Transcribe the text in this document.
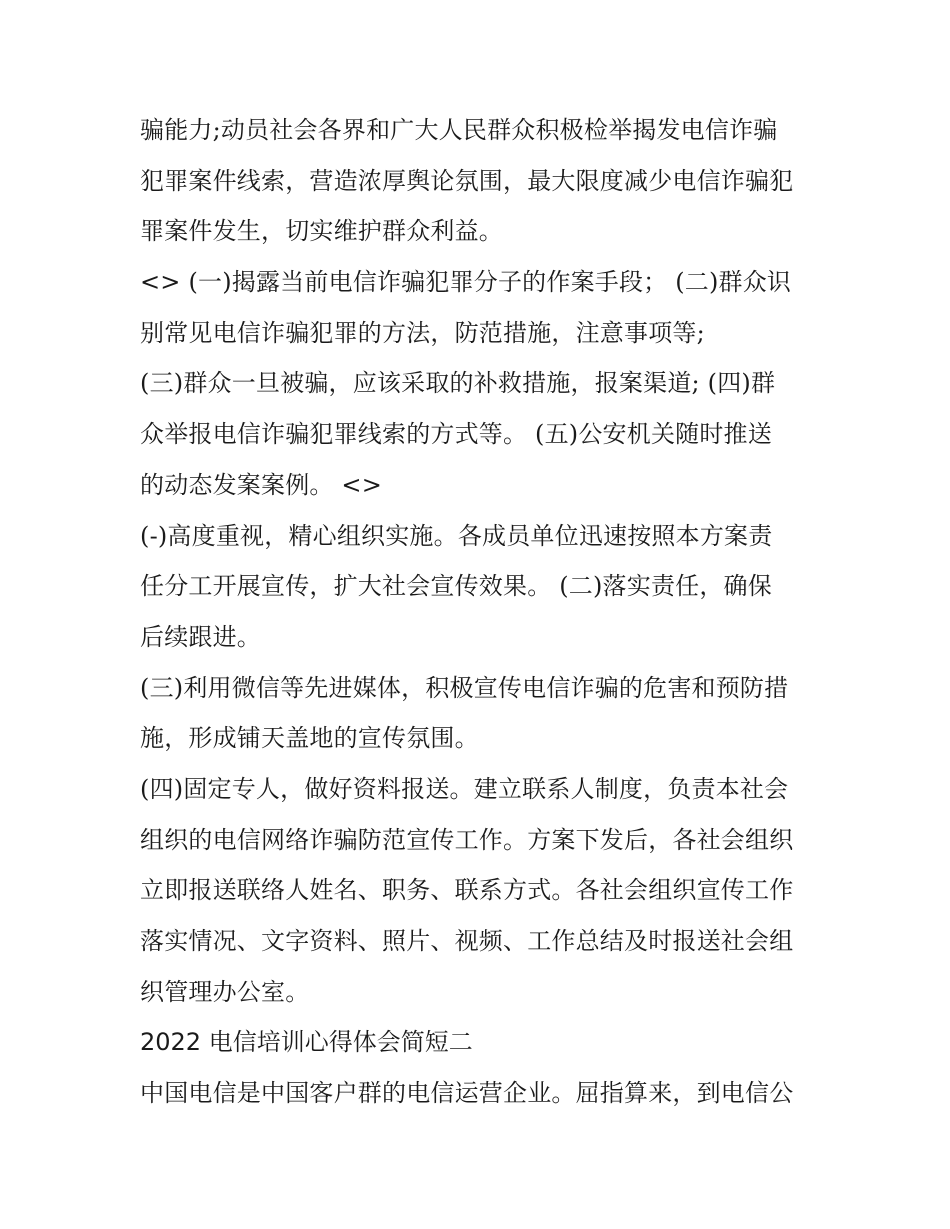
骗能力;动员社会各界和广大人民群众积极检举揭发电信诈骗
犯罪案件线索，营造浓厚舆论氛围，最大限度减少电信诈骗犯
罪案件发生，切实维护群众利益。
<> (一)揭露当前电信诈骗犯罪分子的作案手段； (二)群众识
别常见电信诈骗犯罪的方法，防范措施，注意事项等;
(三)群众一旦被骗，应该采取的补救措施，报案渠道; (四)群
众举报电信诈骗犯罪线索的方式等。 (五)公安机关随时推送
的动态发案案例。 <>
(-)高度重视，精心组织实施。各成员单位迅速按照本方案责
任分工开展宣传，扩大社会宣传效果。 (二)落实责任，确保
后续跟进。
(三)利用微信等先进媒体，积极宣传电信诈骗的危害和预防措
施，形成铺天盖地的宣传氛围。
(四)固定专人，做好资料报送。建立联系人制度，负责本社会
组织的电信网络诈骗防范宣传工作。方案下发后，各社会组织
立即报送联络人姓名、职务、联系方式。各社会组织宣传工作
落实情况、文字资料、照片、视频、工作总结及时报送社会组
织管理办公室。
2022 电信培训心得体会简短二
中国电信是中国客户群的电信运营企业。屈指算来，到电信公
